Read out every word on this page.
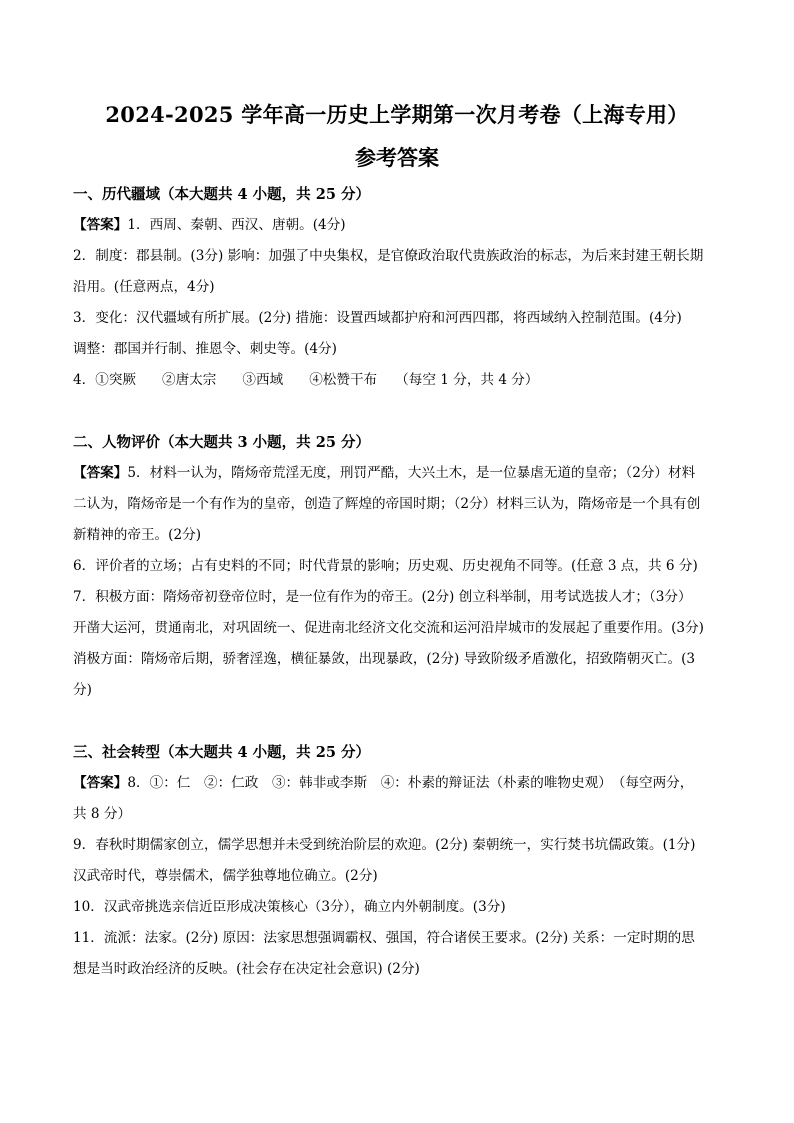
2024-2025 学年高一历史上学期第一次月考卷（上海专用）
参考答案

一、历代疆域（本大题共 4 小题，共 25 分）

【答案】1．西周、秦朝、西汉、唐朝。(4分)

2．制度：郡县制。(3分) 影响：加强了中央集权，是官僚政治取代贵族政治的标志，为后来封建王朝长期

沿用。(任意两点，4分)

3．变化：汉代疆域有所扩展。(2分) 措施：设置西域都护府和河西四郡，将西域纳入控制范围。(4分)

调整：郡国并行制、推恩令、刺史等。(4分)

4．①突厥 ②唐太宗 ③西域 ④松赞干布 （每空 1 分，共 4 分）

二、人物评价（本大题共 3 小题，共 25 分）

【答案】5．材料一认为，隋炀帝荒淫无度，刑罚严酷，大兴土木，是一位暴虐无道的皇帝；（2分）材料

二认为，隋炀帝是一个有作为的皇帝，创造了辉煌的帝国时期；（2分）材料三认为，隋炀帝是一个具有创

新精神的帝王。(2分)

6．评价者的立场；占有史料的不同；时代背景的影响；历史观、历史视角不同等。(任意 3 点，共 6 分)

7．积极方面：隋炀帝初登帝位时，是一位有作为的帝王。(2分) 创立科举制，用考试选拔人才；（3分）

开凿大运河，贯通南北，对巩固统一、促进南北经济文化交流和运河沿岸城市的发展起了重要作用。(3分)

消极方面：隋炀帝后期，骄奢淫逸，横征暴敛，出现暴政，(2分) 导致阶级矛盾激化，招致隋朝灭亡。(3

分)

三、社会转型（本大题共 4 小题，共 25 分）

【答案】8．①：仁　②：仁政　③：韩非或李斯　④：朴素的辩证法（朴素的唯物史观）　（每空两分，

共 8 分）

9．春秋时期儒家创立，儒学思想并未受到统治阶层的欢迎。(2分) 秦朝统一，实行焚书坑儒政策。(1分)

汉武帝时代，尊崇儒术，儒学独尊地位确立。(2分)

10．汉武帝挑选亲信近臣形成决策核心（3分），确立内外朝制度。(3分)

11．流派：法家。(2分) 原因：法家思想强调霸权、强国，符合诸侯王要求。(2分) 关系：一定时期的思

想是当时政治经济的反映。(社会存在决定社会意识) (2分)
